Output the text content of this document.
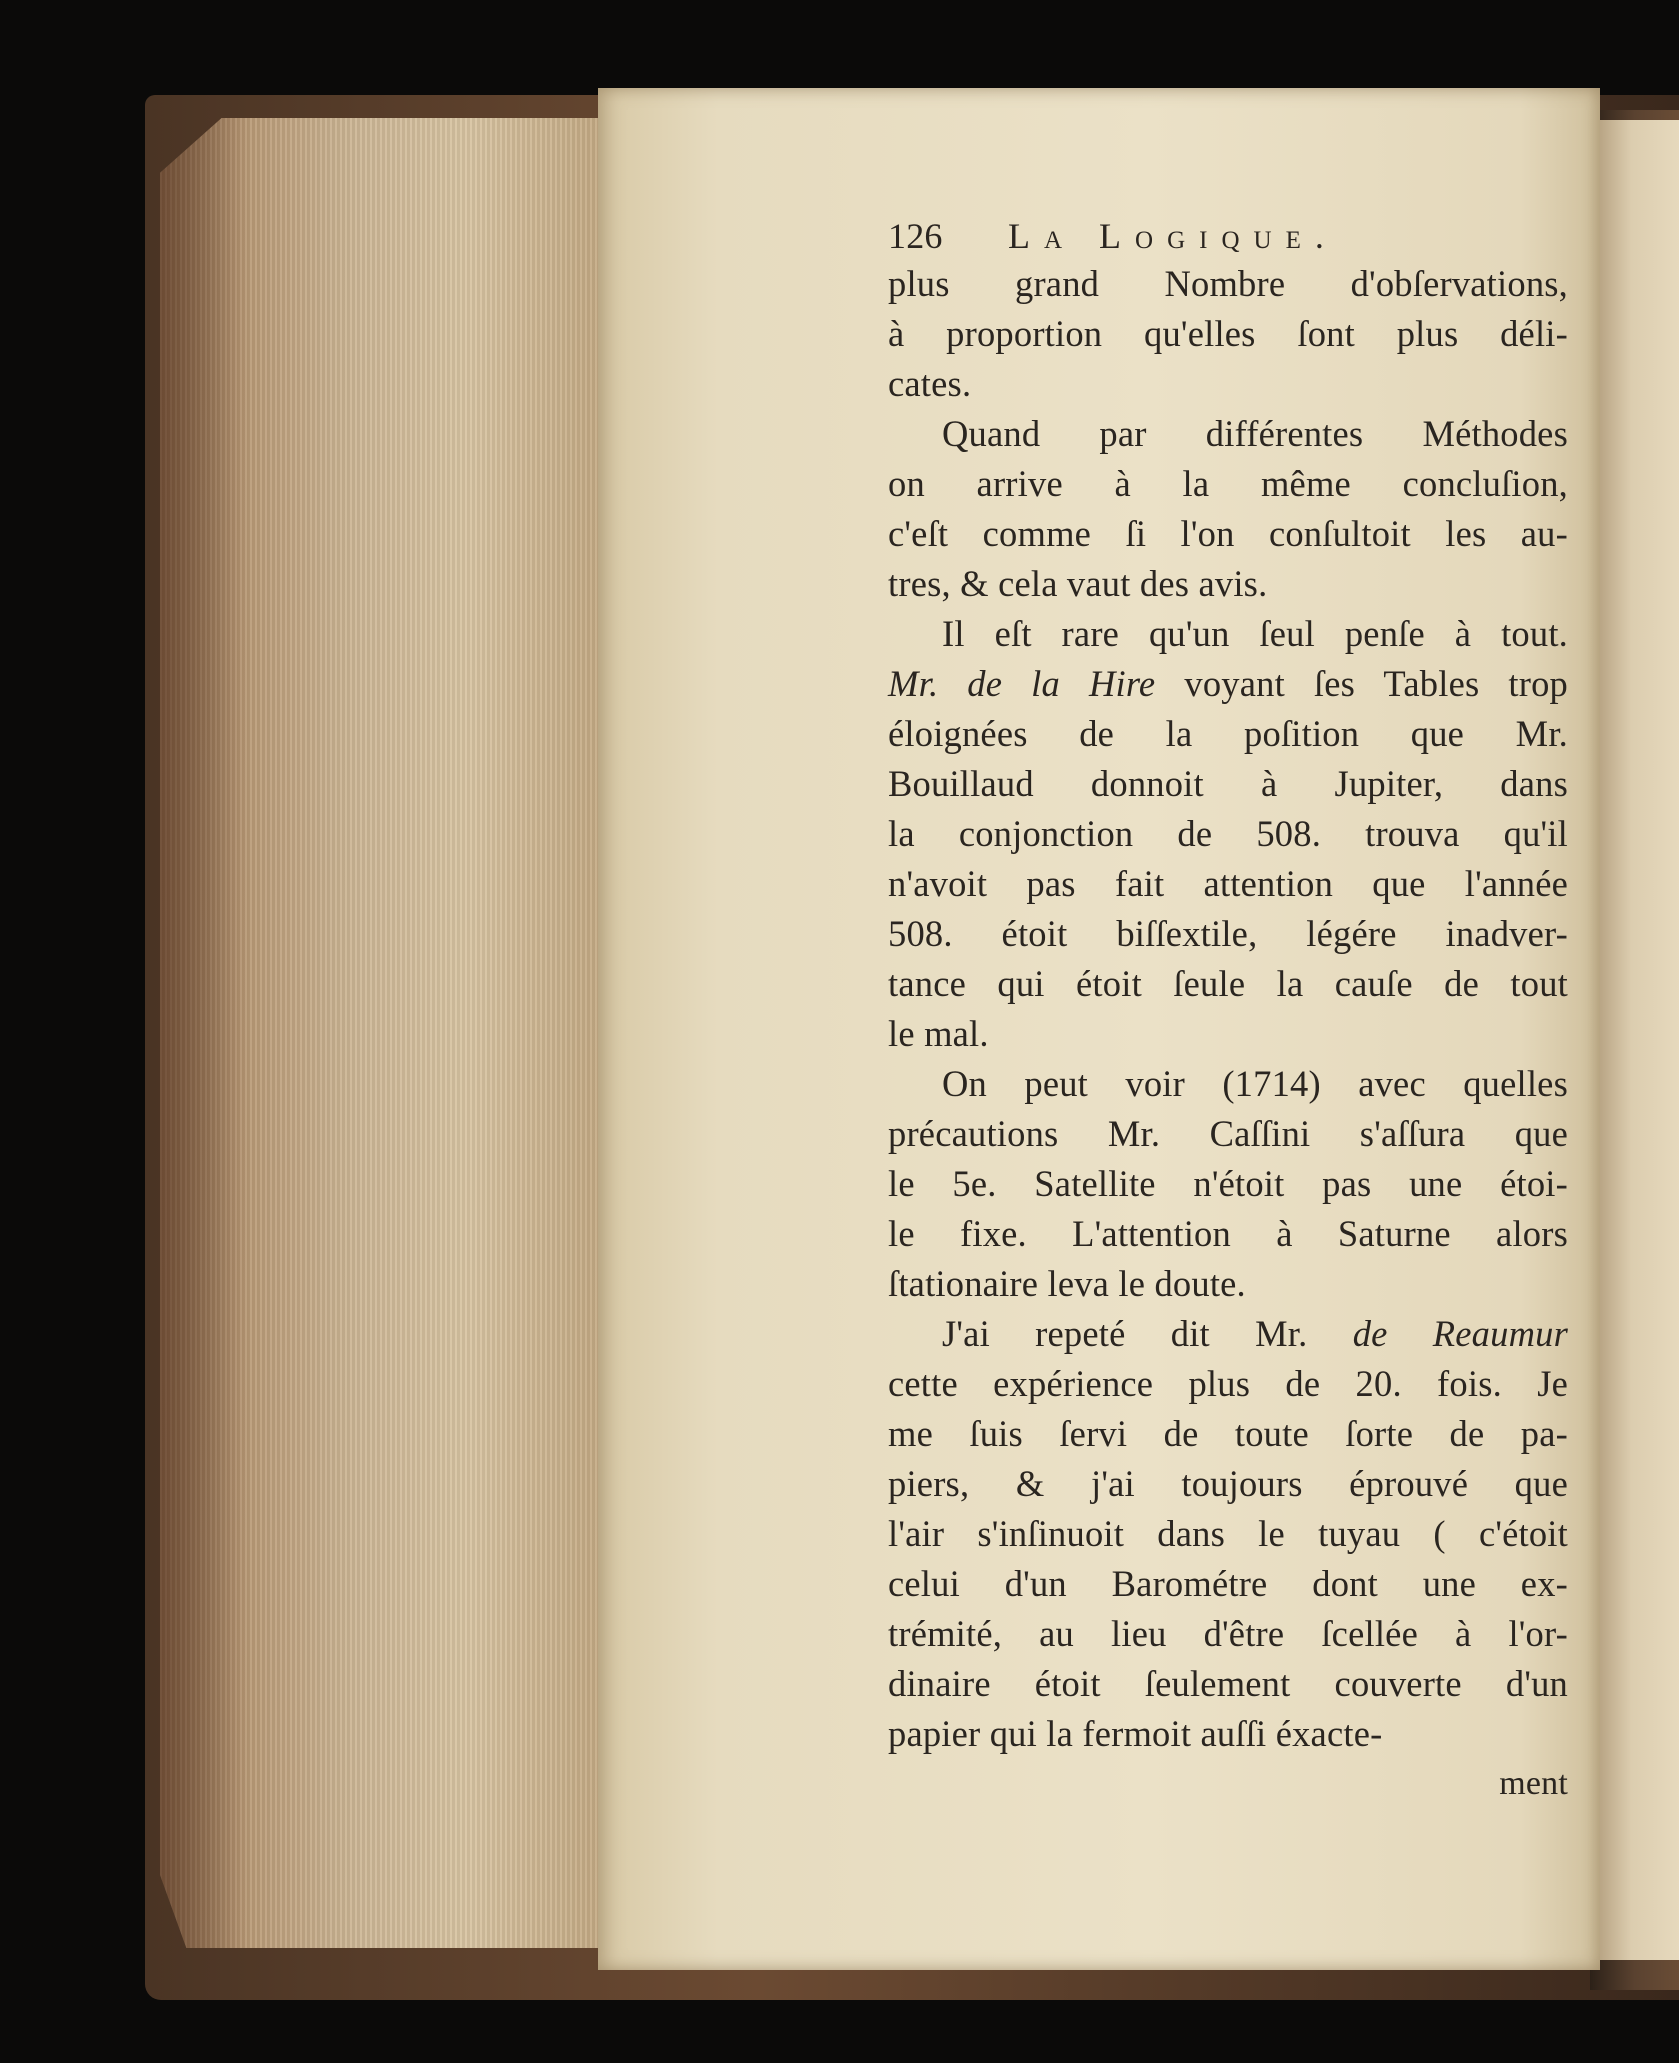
126	La Logique.
plus grand Nombre d'obſervations,
à proportion qu'elles ſont plus déli-
cates.
Quand par différentes Méthodes
on arrive à la même concluſion,
c'eſt comme ſi l'on conſultoit les au-
tres, & cela vaut des avis.
Il eſt rare qu'un ſeul penſe à tout.
Mr. de la Hire voyant ſes Tables trop
éloignées de la poſition que Mr.
Bouillaud donnoit à Jupiter, dans
la conjonction de 508. trouva qu'il
n'avoit pas fait attention que l'année
508. étoit biſſextile, légére inadver-
tance qui étoit ſeule la cauſe de tout
le mal.
On peut voir (1714) avec quelles
précautions Mr. Caſſini s'aſſura que
le 5e. Satellite n'étoit pas une étoi-
le fixe. L'attention à Saturne alors
ſtationaire leva le doute.
J'ai repeté dit Mr. de Reaumur
cette expérience plus de 20. fois. Je
me ſuis ſervi de toute ſorte de pa-
piers, & j'ai toujours éprouvé que
l'air s'inſinuoit dans le tuyau ( c'étoit
celui d'un Barométre dont une ex-
trémité, au lieu d'être ſcellée à l'or-
dinaire étoit ſeulement couverte d'un
papier qui la fermoit auſſi éxacte-
ment
